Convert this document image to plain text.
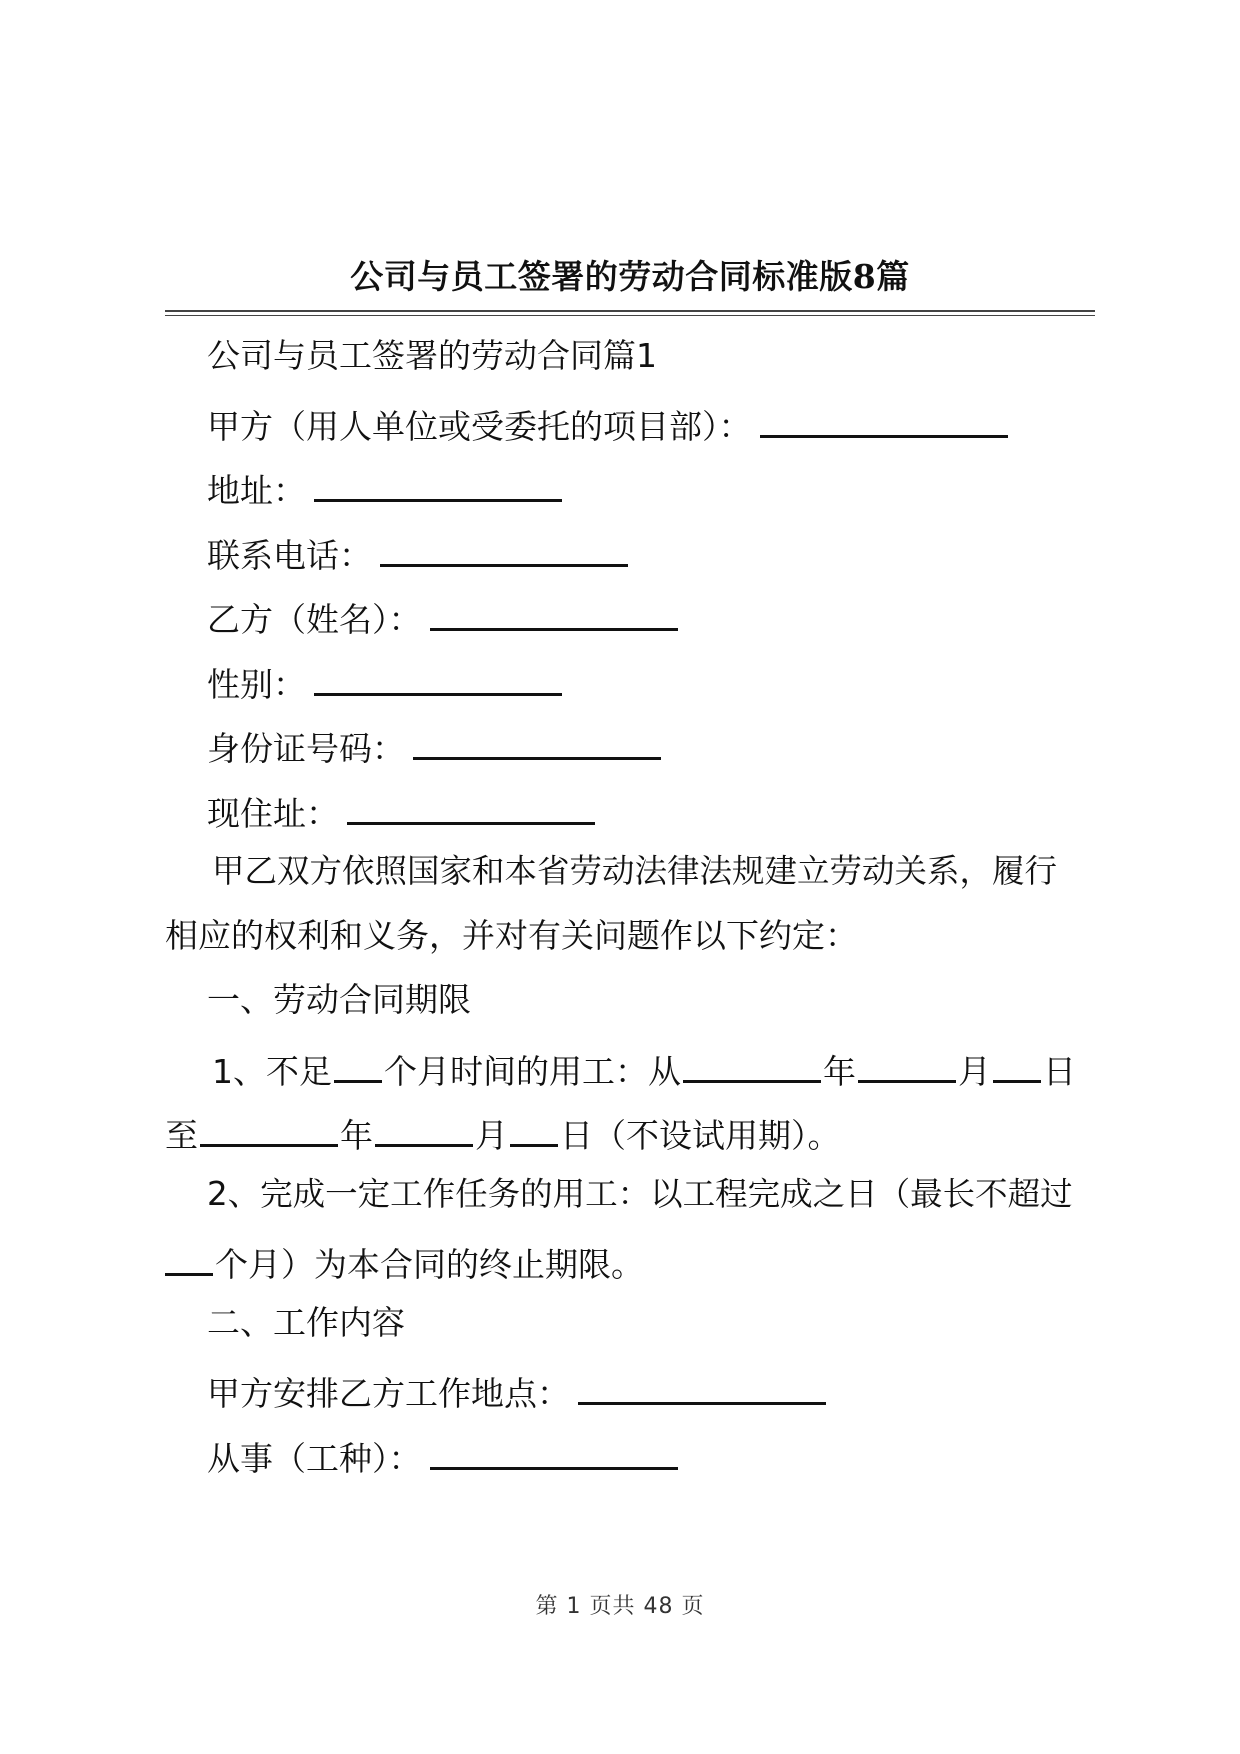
公司与员工签署的劳动合同标准版8篇
公司与员工签署的劳动合同篇1
甲方（用人单位或受委托的项目部）：
地址：
联系电话：
乙方（姓名）：
性别：
身份证号码：
现住址：
甲乙双方依照国家和本省劳动法律法规建立劳动关系，履行
相应的权利和义务，并对有关问题作以下约定：
一、劳动合同期限
1、不足 个月时间的用工：从	年	月 日
至	年	月 日（不设试用期）。
2、完成一定工作任务的用工：以工程完成之日（最长不超过
个月）为本合同的终止期限。
二、工作内容
甲方安排乙方工作地点：
从事（工种）：
第 1 页共 48 页
